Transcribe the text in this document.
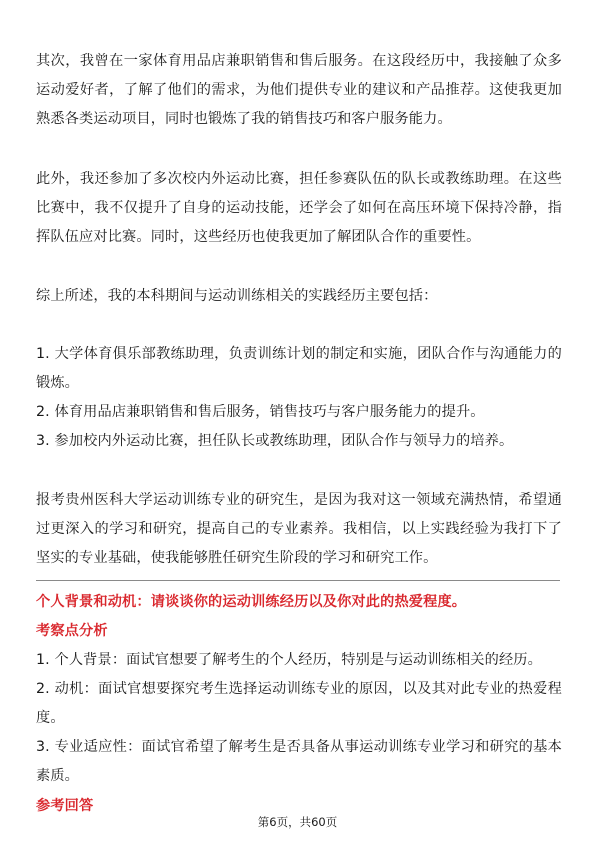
其次，我曾在一家体育用品店兼职销售和售后服务。在这段经历中，我接触了众多运动爱好者，了解了他们的需求，为他们提供专业的建议和产品推荐。这使我更加熟悉各类运动项目，同时也锻炼了我的销售技巧和客户服务能力。

此外，我还参加了多次校内外运动比赛，担任参赛队伍的队长或教练助理。在这些比赛中，我不仅提升了自身的运动技能，还学会了如何在高压环境下保持冷静，指挥队伍应对比赛。同时，这些经历也使我更加了解团队合作的重要性。

综上所述，我的本科期间与运动训练相关的实践经历主要包括：

1. 大学体育俱乐部教练助理，负责训练计划的制定和实施，团队合作与沟通能力的锻炼。

2. 体育用品店兼职销售和售后服务，销售技巧与客户服务能力的提升。

3. 参加校内外运动比赛，担任队长或教练助理，团队合作与领导力的培养。

报考贵州医科大学运动训练专业的研究生，是因为我对这一领域充满热情，希望通过更深入的学习和研究，提高自己的专业素养。我相信，以上实践经验为我打下了坚实的专业基础，使我能够胜任研究生阶段的学习和研究工作。

个人背景和动机：请谈谈你的运动训练经历以及你对此的热爱程度。

考察点分析

1. 个人背景：面试官想要了解考生的个人经历，特别是与运动训练相关的经历。

2. 动机：面试官想要探究考生选择运动训练专业的原因，以及其对此专业的热爱程度。

3. 专业适应性：面试官希望了解考生是否具备从事运动训练专业学习和研究的基本素质。

参考回答

第6页，共60页
